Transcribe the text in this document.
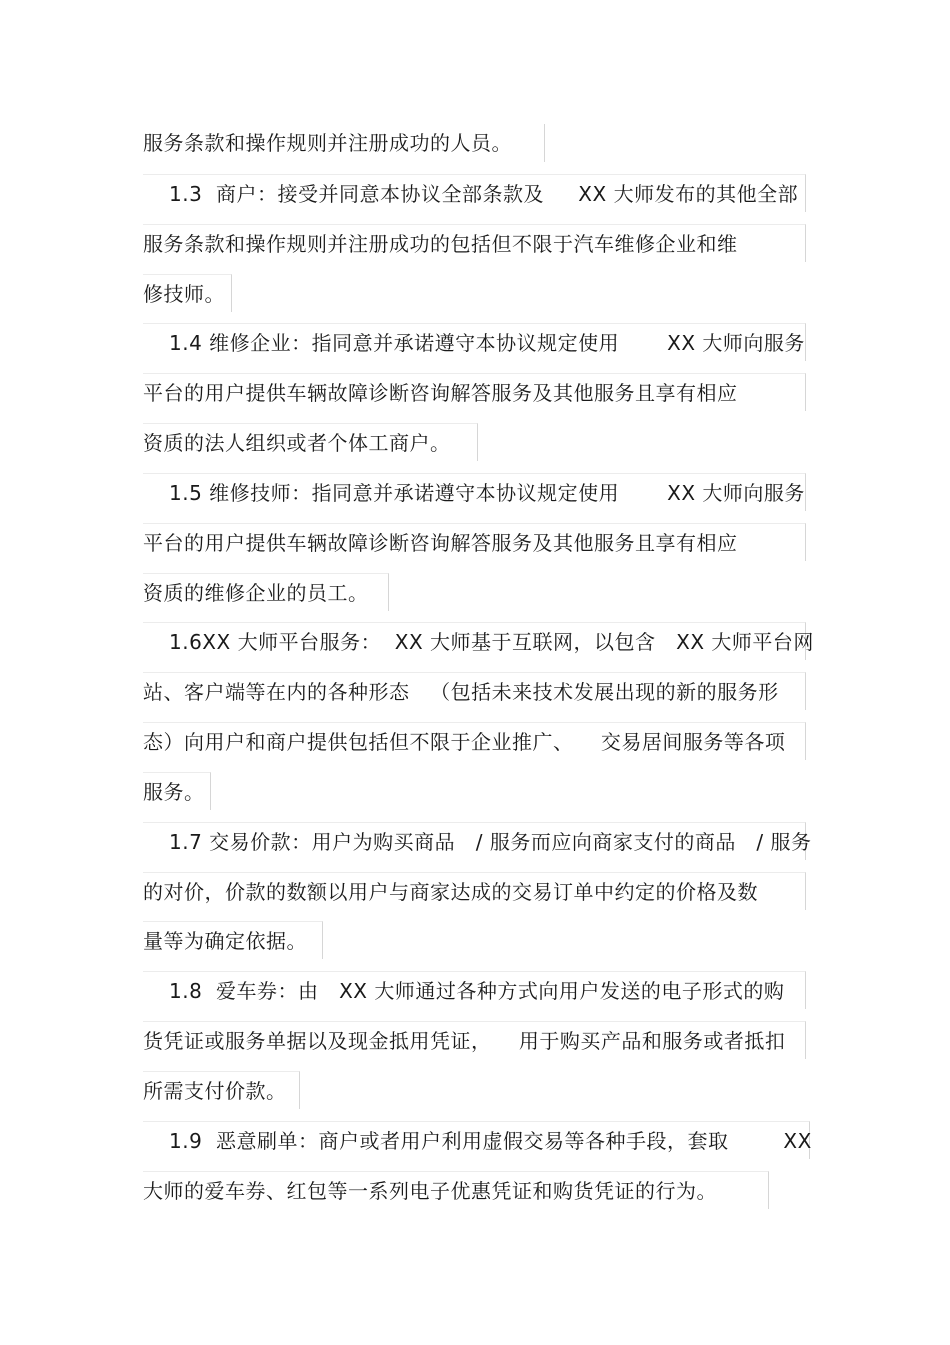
服务条款和操作规则并注册成功的人员。
1.3  商户：接受并同意本协议全部条款及     XX 大师发布的其他全部
服务条款和操作规则并注册成功的包括但不限于汽车维修企业和维
修技师。
1.4 维修企业：指同意并承诺遵守本协议规定使用       XX 大师向服务
平台的用户提供车辆故障诊断咨询解答服务及其他服务且享有相应
资质的法人组织或者个体工商户。
1.5 维修技师：指同意并承诺遵守本协议规定使用       XX 大师向服务
平台的用户提供车辆故障诊断咨询解答服务及其他服务且享有相应
资质的维修企业的员工。
1.6XX 大师平台服务：  XX 大师基于互联网，以包含   XX 大师平台网
站、客户端等在内的各种形态   （包括未来技术发展出现的新的服务形
态）向用户和商户提供包括但不限于企业推广、    交易居间服务等各项
服务。
1.7 交易价款：用户为购买商品   / 服务而应向商家支付的商品   / 服务
的对价，价款的数额以用户与商家达成的交易订单中约定的价格及数
量等为确定依据。
1.8  爱车券：由   XX 大师通过各种方式向用户发送的电子形式的购
货凭证或服务单据以及现金抵用凭证，    用于购买产品和服务或者抵扣
所需支付价款。
1.9  恶意刷单：商户或者用户利用虚假交易等各种手段，套取        XX
大师的爱车券、红包等一系列电子优惠凭证和购货凭证的行为。
